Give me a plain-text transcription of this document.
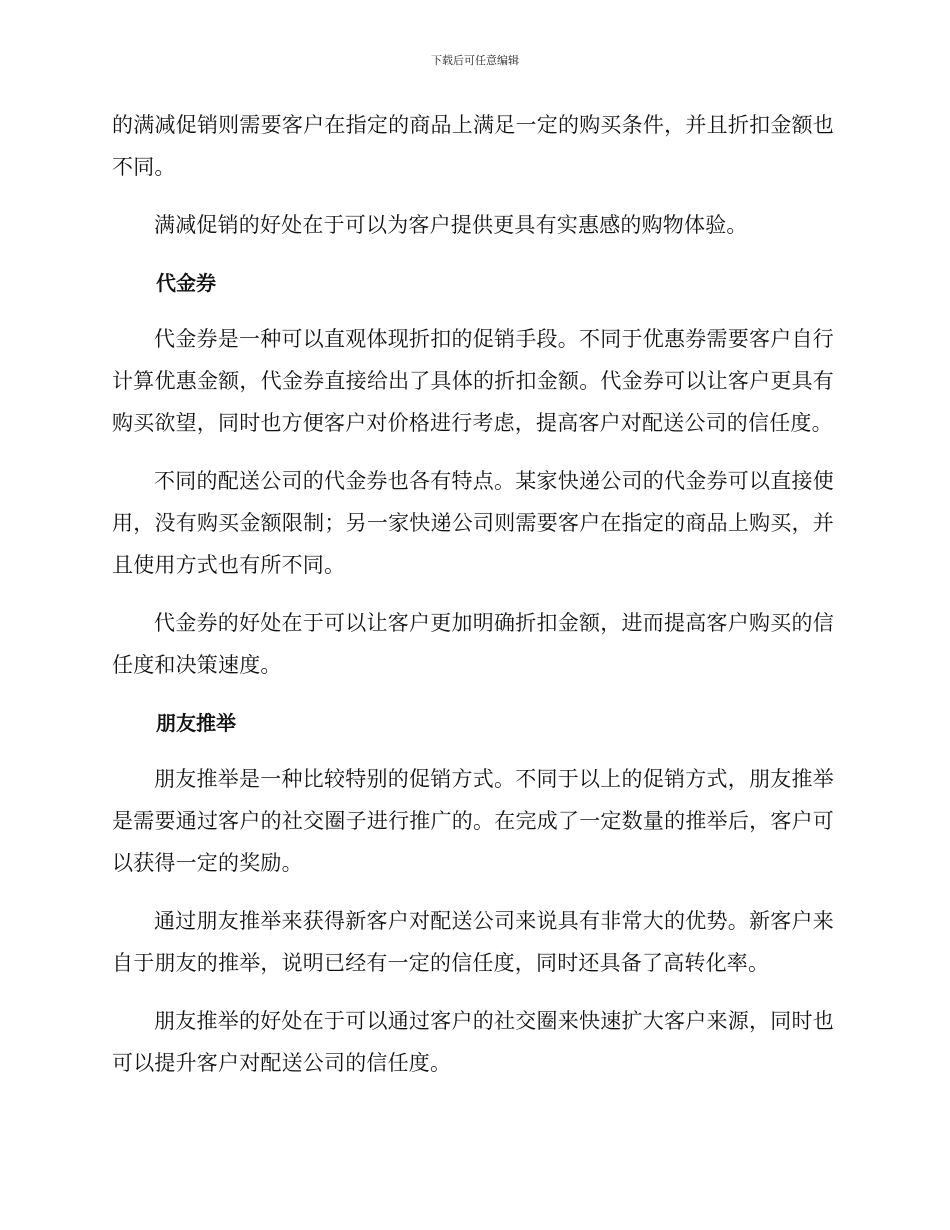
下载后可任意编辑

的满减促销则需要客户在指定的商品上满足一定的购买条件，并且折扣金额也不同。

满减促销的好处在于可以为客户提供更具有实惠感的购物体验。

代金券

代金券是一种可以直观体现折扣的促销手段。不同于优惠券需要客户自行计算优惠金额，代金券直接给出了具体的折扣金额。代金券可以让客户更具有购买欲望，同时也方便客户对价格进行考虑，提高客户对配送公司的信任度。

不同的配送公司的代金券也各有特点。某家快递公司的代金券可以直接使用，没有购买金额限制；另一家快递公司则需要客户在指定的商品上购买，并且使用方式也有所不同。

代金券的好处在于可以让客户更加明确折扣金额，进而提高客户购买的信任度和决策速度。

朋友推举

朋友推举是一种比较特别的促销方式。不同于以上的促销方式，朋友推举是需要通过客户的社交圈子进行推广的。在完成了一定数量的推举后，客户可以获得一定的奖励。

通过朋友推举来获得新客户对配送公司来说具有非常大的优势。新客户来自于朋友的推举，说明已经有一定的信任度，同时还具备了高转化率。

朋友推举的好处在于可以通过客户的社交圈来快速扩大客户来源，同时也可以提升客户对配送公司的信任度。
